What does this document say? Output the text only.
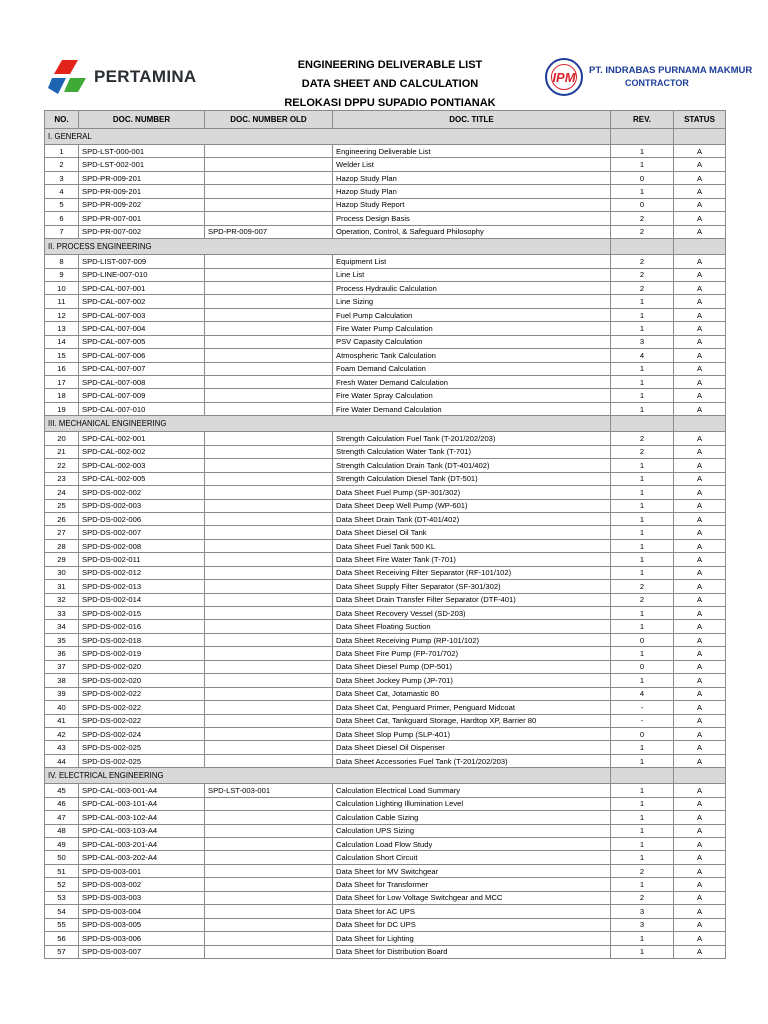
PERTAMINA
ENGINEERING DELIVERABLE LIST
DATA SHEET AND CALCULATION
RELOKASI DPPU SUPADIO PONTIANAK
IPM	PT. INDRABAS PURNAMA MAKMUR
CONTRACTOR
NO.	DOC. NUMBER	DOC. NUMBER OLD	DOC. TITLE	REV.	STATUS
I. GENERAL					
1	SPD-LST-000-001		Engineering Deliverable List	1	A
2	SPD-LST-002-001		Welder List	1	A
3	SPD-PR-009-201		Hazop Study Plan	0	A
4	SPD-PR-009-201		Hazop Study Plan	1	A
5	SPD-PR-009-202		Hazop Study Report	0	A
6	SPD-PR-007-001		Process Design Basis	2	A
7	SPD-PR-007-002	SPD-PR-009-007	Operation, Control, & Safeguard Philosophy	2	A
II. PROCESS ENGINEERING					
8	SPD-LIST-007-009		Equipment List	2	A
9	SPD-LINE-007-010		Line List	2	A
10	SPD-CAL-007-001		Process Hydraulic Calculation	2	A
11	SPD-CAL-007-002		Line Sizing	1	A
12	SPD-CAL-007-003		Fuel Pump Calculation	1	A
13	SPD-CAL-007-004		Fire Water Pump Calculation	1	A
14	SPD-CAL-007-005		PSV Capasity Calculation	3	A
15	SPD-CAL-007-006		Atmospheric Tank Calculation	4	A
16	SPD-CAL-007-007		Foam Demand Calculation	1	A
17	SPD-CAL-007-008		Fresh Water Demand Calculation	1	A
18	SPD-CAL-007-009		Fire Water Spray Calculation	1	A
19	SPD-CAL-007-010		Fire Water Demand Calculation	1	A
III. MECHANICAL ENGINEERING					
20	SPD-CAL-002-001		Strength Calculation Fuel Tank (T-201/202/203)	2	A
21	SPD-CAL-002-002		Strength Calculation Water Tank (T-701)	2	A
22	SPD-CAL-002-003		Strength Calculation Drain Tank (DT-401/402)	1	A
23	SPD-CAL-002-005		Strength Calculation Diesel Tank (DT-501)	1	A
24	SPD-DS-002-002		Data Sheet Fuel Pump (SP-301/302)	1	A
25	SPD-DS-002-003		Data Sheet Deep Well Pump (WP-601)	1	A
26	SPD-DS-002-006		Data Sheet Drain Tank (DT-401/402)	1	A
27	SPD-DS-002-007		Data Sheet Diesel Oil Tank	1	A
28	SPD-DS-002-008		Data Sheet Fuel Tank 500 KL	1	A
29	SPD-DS-002-011		Data Sheet Fire Water Tank (T-701)	1	A
30	SPD-DS-002-012		Data Sheet Receiving Filter Separator (RF-101/102)	1	A
31	SPD-DS-002-013		Data Sheet Supply Filter Separator (SF-301/302)	2	A
32	SPD-DS-002-014		Data Sheet Drain Transfer Filter Separator (DTF-401)	2	A
33	SPD-DS-002-015		Data Sheet Recovery Vessel (SD-203)	1	A
34	SPD-DS-002-016		Data Sheet Floating Suction	1	A
35	SPD-DS-002-018		Data Sheet Receiving Pump (RP-101/102)	0	A
36	SPD-DS-002-019		Data Sheet Fire Pump (FP-701/702)	1	A
37	SPD-DS-002-020		Data Sheet Diesel Pump (DP-501)	0	A
38	SPD-DS-002-020		Data Sheet Jockey Pump (JP-701)	1	A
39	SPD-DS-002-022		Data Sheet Cat, Jotamastic 80	4	A
40	SPD-DS-002-022		Data Sheet Cat, Penguard Primer, Penguard Midcoat	-	A
41	SPD-DS-002-022		Data Sheet Cat, Tankguard Storage, Hardtop XP, Barrier 80	-	A
42	SPD-DS-002-024		Data Sheet Slop Pump (SLP-401)	0	A
43	SPD-DS-002-025		Data Sheet Diesel Oil Dispenser	1	A
44	SPD-DS-002-025		Data Sheet Accessories Fuel Tank (T-201/202/203)	1	A
IV. ELECTRICAL ENGINEERING					
45	SPD-CAL-003-001-A4	SPD-LST-003-001	Calculation Electrical Load Summary	1	A
46	SPD-CAL-003-101-A4		Calculation Lighting Illumination Level	1	A
47	SPD-CAL-003-102-A4		Calculation Cable Sizing	1	A
48	SPD-CAL-003-103-A4		Calculation UPS Sizing	1	A
49	SPD-CAL-003-201-A4		Calculation Load Flow Study	1	A
50	SPD-CAL-003-202-A4		Calculation Short Circuit	1	A
51	SPD-DS-003-001		Data Sheet for MV Switchgear	2	A
52	SPD-DS-003-002		Data Sheet for Transformer	1	A
53	SPD-DS-003-003		Data Sheet for Low Voltage Switchgear and MCC	2	A
54	SPD-DS-003-004		Data Sheet for AC UPS	3	A
55	SPD-DS-003-005		Data Sheet for DC UPS	3	A
56	SPD-DS-003-006		Data Sheet for Lighting	1	A
57	SPD-DS-003-007		Data Sheet for Distribution Board	1	A
